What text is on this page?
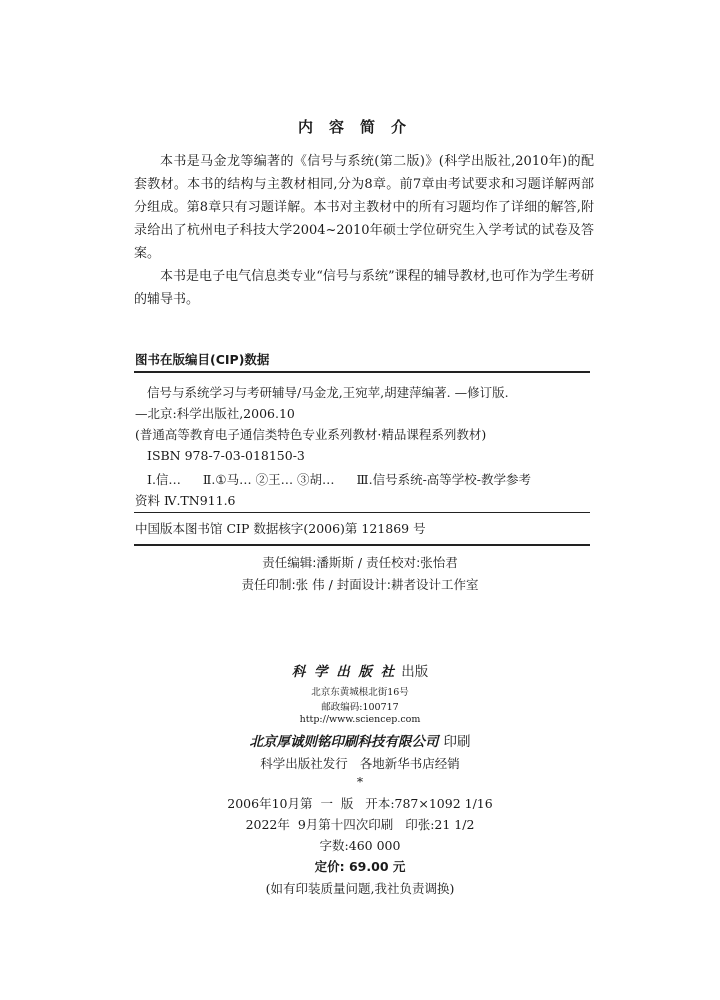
内容简介

本书是马金龙等编著的《信号与系统(第二版)》(科学出版社,2010年)的配套教材。本书的结构与主教材相同,分为8章。前7章由考试要求和习题详解两部分组成。第8章只有习题详解。本书对主教材中的所有习题均作了详细的解答,附录给出了杭州电子科技大学2004~2010年硕士学位研究生入学考试的试卷及答案。

本书是电子电气信息类专业“信号与系统”课程的辅导教材,也可作为学生考研的辅导书。

图书在版编目(CIP)数据
信号与系统学习与考研辅导/马金龙,王宛苹,胡建萍编著. —修订版.
—北京:科学出版社,2006.10
(普通高等教育电子通信类特色专业系列教材·精品课程系列教材)
ISBN 978-7-03-018150-3
Ⅰ.信… Ⅱ.①马… ②王… ③胡… Ⅲ.信号系统-高等学校-教学参考
资料 Ⅳ.TN911.6
中国版本图书馆 CIP 数据核字(2006)第 121869 号
责任编辑:潘斯斯 / 责任校对:张怡君
责任印制:张 伟 / 封面设计:耕者设计工作室
科 学 出 版 社 出版
北京东黄城根北街16号
邮政编码:100717
http://www.sciencep.com
北京厚诚则铭印刷科技有限公司 印刷
科学出版社发行   各地新华书店经销
*
2006年10月第  一  版   开本:787×1092 1/16
2022年  9月第十四次印刷   印张:21 1/2
字数:460 000
定价: 69.00 元
(如有印装质量问题,我社负责调换)
